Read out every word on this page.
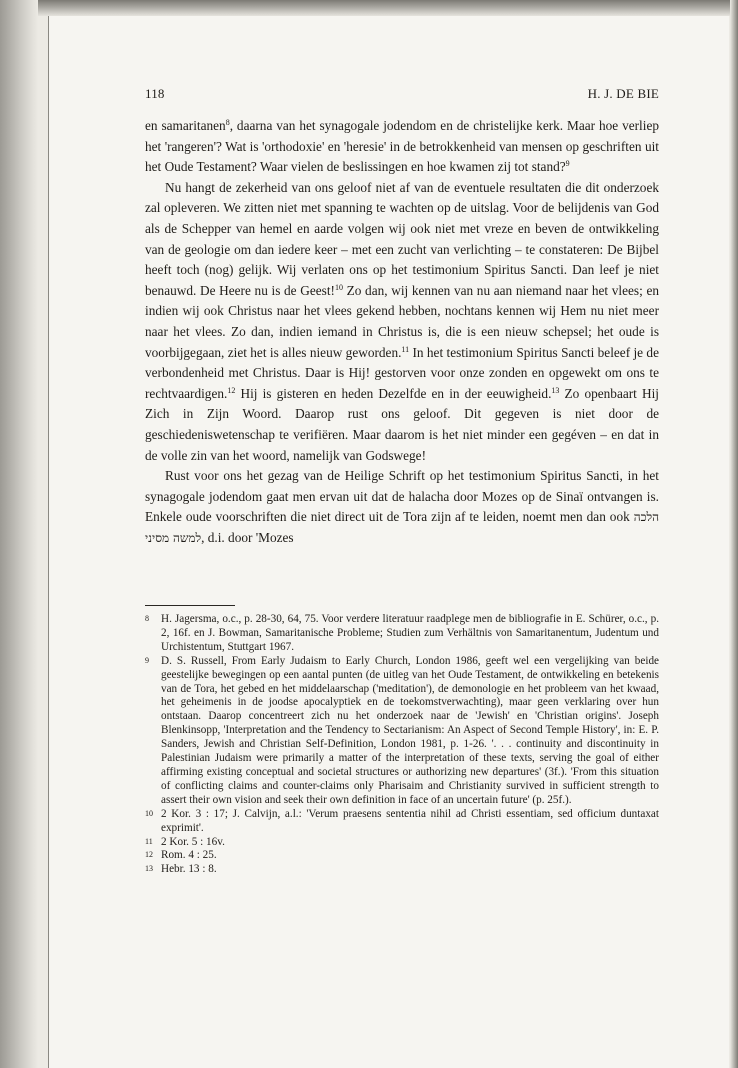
118	H. J. DE BIE

en samaritanen$^8$, daarna van het synagogale jodendom en de christelijke kerk. Maar hoe verliep het 'rangeren'? Wat is 'orthodoxie' en 'heresie' in de betrokkenheid van mensen op geschriften uit het Oude Testament? Waar vielen de beslissingen en hoe kwamen zij tot stand?$^9$

Nu hangt de zekerheid van ons geloof niet af van de eventuele resultaten die dit onderzoek zal opleveren. We zitten niet met spanning te wachten op de uitslag. Voor de belijdenis van God als de Schepper van hemel en aarde volgen wij ook niet met vreze en beven de ontwikkeling van de geologie om dan iedere keer – met een zucht van verlichting – te constateren: De Bijbel heeft toch (nog) gelijk. Wij verlaten ons op het testimonium Spiritus Sancti. Dan leef je niet benauwd. De Heere nu is de Geest!$^{10}$ Zo dan, wij kennen van nu aan niemand naar het vlees; en indien wij ook Christus naar het vlees gekend hebben, nochtans kennen wij Hem nu niet meer naar het vlees. Zo dan, indien iemand in Christus is, die is een nieuw schepsel; het oude is voorbijgegaan, ziet het is alles nieuw geworden.$^{11}$ In het testimonium Spiritus Sancti beleef je de verbondenheid met Christus. Daar is Hij! gestorven voor onze zonden en opgewekt om ons te rechtvaardigen.$^{12}$ Hij is gisteren en heden Dezelfde en in der eeuwigheid.$^{13}$ Zo openbaart Hij Zich in Zijn Woord. Daarop rust ons geloof. Dit gegeven is niet door de geschiedeniswetenschap te verifiëren. Maar daarom is het niet minder een gegéven – en dat in de volle zin van het woord, namelijk van Godswege!

Rust voor ons het gezag van de Heilige Schrift op het testimonium Spiritus Sancti, in het synagogale jodendom gaat men ervan uit dat de halacha door Mozes op de Sinaï ontvangen is. Enkele oude voorschriften die niet direct uit de Tora zijn af te leiden, noemt men dan ook הלכה למשה מסיני, d.i. door 'Mozes

8	H. Jagersma, o.c., p. 28-30, 64, 75. Voor verdere literatuur raadplege men de bibliografie in E. Schürer, o.c., p. 2, 16f. en J. Bowman, Samaritanische Probleme; Studien zum Verhältnis von Samaritanentum, Judentum und Urchistentum, Stuttgart 1967.
9	D. S. Russell, From Early Judaism to Early Church, London 1986, geeft wel een vergelijking van beide geestelijke bewegingen op een aantal punten (de uitleg van het Oude Testament, de ontwikkeling en betekenis van de Tora, het gebed en het middelaarschap ('meditation'), de demonologie en het probleem van het kwaad, het geheimenis in de joodse apocalyptiek en de toekomstverwachting), maar geen verklaring over hun ontstaan. Daarop concentreert zich nu het onderzoek naar de 'Jewish' en 'Christian origins'. Joseph Blenkinsopp, 'Interpretation and the Tendency to Sectarianism: An Aspect of Second Temple History', in: E. P. Sanders, Jewish and Christian Self-Definition, London 1981, p. 1-26. '. . . continuity and discontinuity in Palestinian Judaism were primarily a matter of the interpretation of these texts, serving the goal of either affirming existing conceptual and societal structures or authorizing new departures' (3f.). 'From this situation of conflicting claims and counter-claims only Pharisaim and Christianity survived in sufficient strength to assert their own vision and seek their own definition in face of an uncertain future' (p. 25f.).
10 2 Kor. 3 : 17; J. Calvijn, a.l.: 'Verum praesens sententia nihil ad Christi essentiam, sed officium duntaxat exprimit'.
11 2 Kor. 5 : 16v.
12 Rom. 4 : 25.
13 Hebr. 13 : 8.
